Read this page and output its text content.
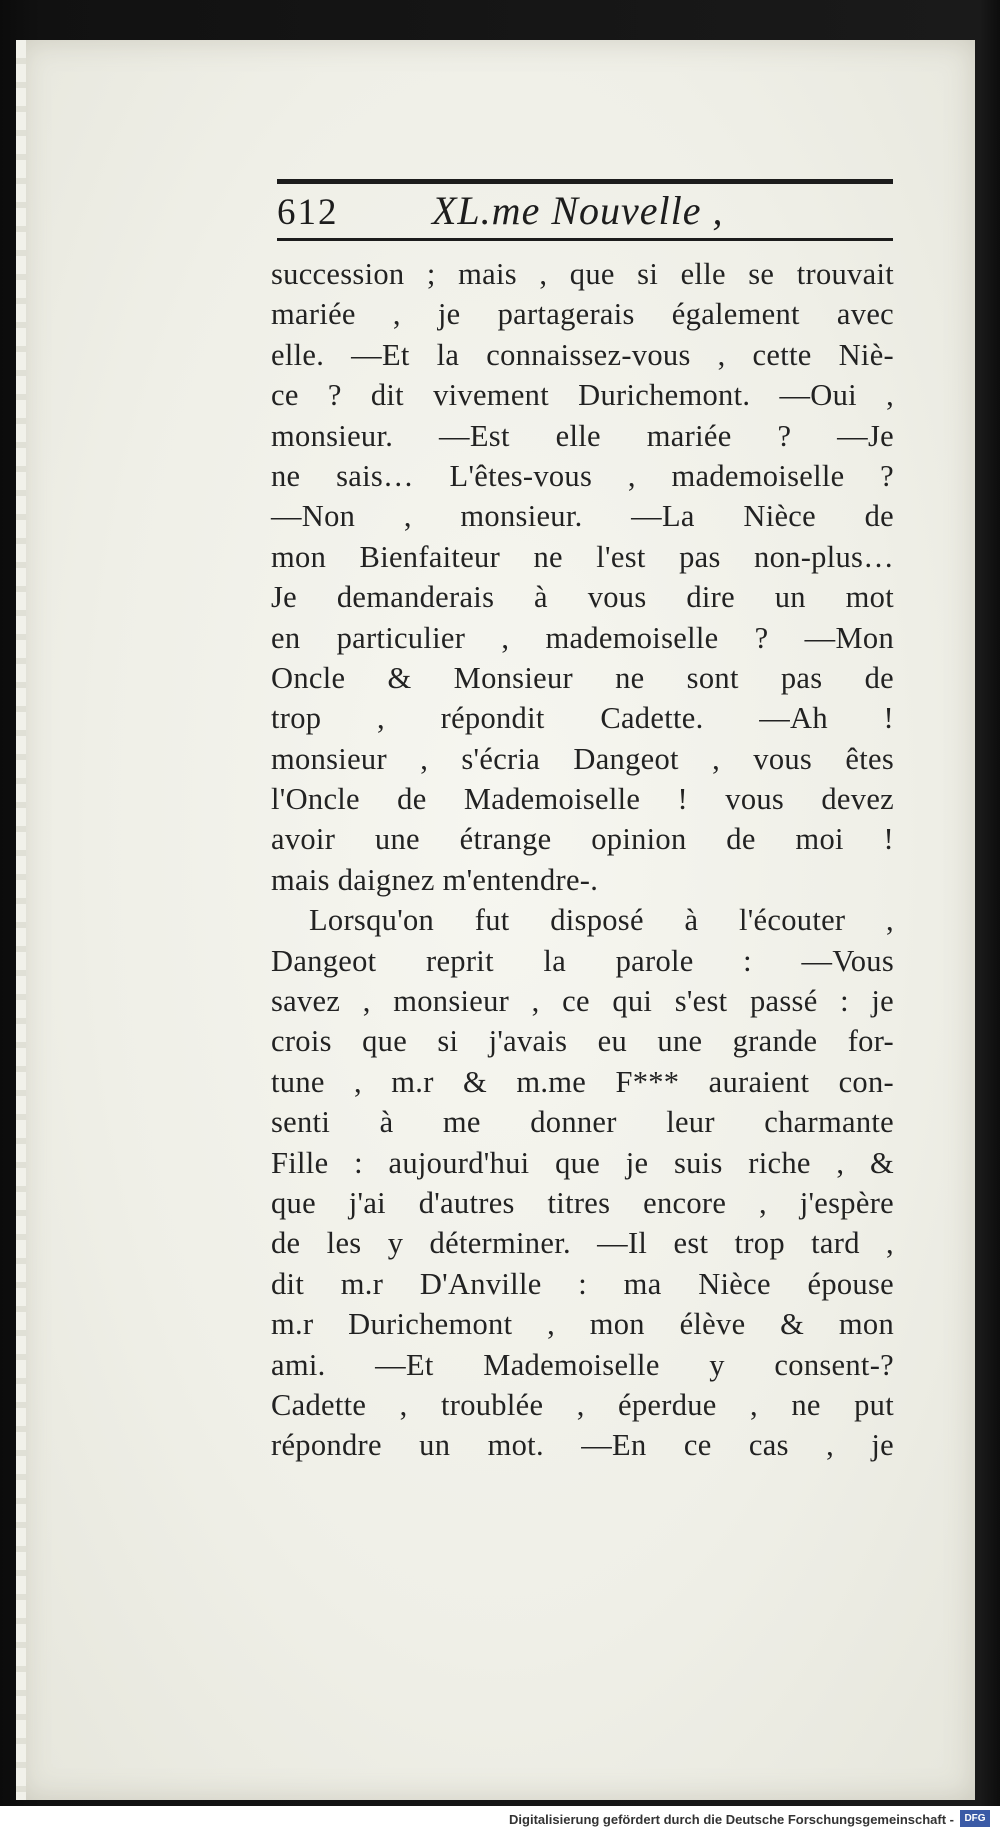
612 XL.me Nouvelle ,
succession ; mais , que si elle se trouvait
mariée , je partagerais également avec
elle. —Et la connaissez-vous , cette Niè-
ce ? dit vivement Durichemont. —Oui ,
monsieur. —Est elle mariée ? —Je
ne sais… L'êtes-vous , mademoiselle ?
—Non , monsieur. —La Nièce de
mon Bienfaiteur ne l'est pas non-plus…
Je demanderais à vous dire un mot
en particulier , mademoiselle ? —Mon
Oncle & Monsieur ne sont pas de
trop , répondit Cadette. —Ah !
monsieur , s'écria Dangeot , vous êtes
l'Oncle de Mademoiselle ! vous devez
avoir une étrange opinion de moi !
mais daignez m'entendre-.
Lorsqu'on fut disposé à l'écouter ,
Dangeot reprit la parole : —Vous
savez , monsieur , ce qui s'est passé : je
crois que si j'avais eu une grande for-
tune , m.r & m.me F*** auraient con-
senti à me donner leur charmante
Fille : aujourd'hui que je suis riche , &
que j'ai d'autres titres encore , j'espère
de les y déterminer. —Il est trop tard ,
dit m.r D'Anville : ma Nièce épouse
m.r Durichemont , mon élève & mon
ami. —Et Mademoiselle y consent-?
Cadette , troublée , éperdue , ne put
répondre un mot. —En ce cas , je
Digitalisierung gefördert durch die Deutsche Forschungsgemeinschaft -	DFG
